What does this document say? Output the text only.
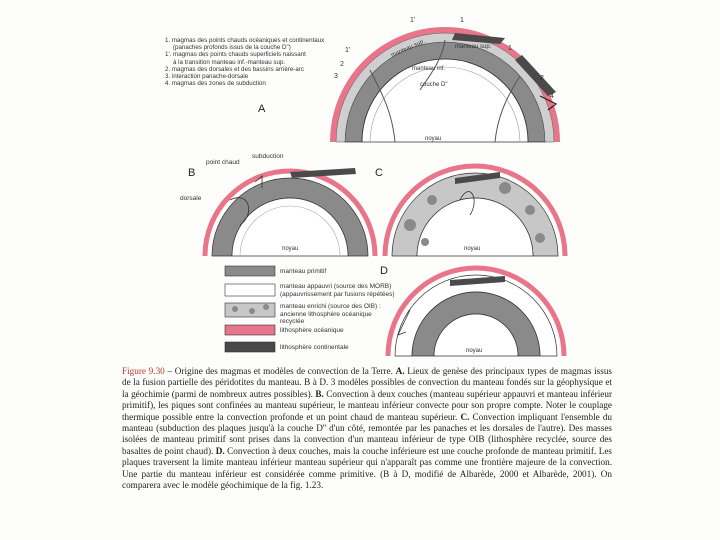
A
B	C
D
manteau sup.	manteau sup.
manteau inf.
couche D"
noyau
1'	1
1
1'
2
2
3
4
point chaud
subduction
dorsale
noyau	noyau
noyau
1. magmas des points chauds océaniques et continentaux
(panaches profonds issus de la couche D")
1'. magmas des points chauds superficiels naissant
à la transition manteau inf.-manteau sup.
2. magmas des dorsales et des bassins arrière-arc
3. interaction panache-dorsale
4. magmas des zones de subduction
manteau primitif
manteau appauvri (source des MORB) (appauvrissement par fusions répétées)
manteau enrichi (source des OIB) : ancienne lithosphère océanique recyclée
lithosphère océanique
lithosphère continentale
Figure 9.30 – Origine des magmas et modèles de convection de la Terre. A. Lieux de genèse des principaux types de magmas issus de la fusion partielle des péridotites du manteau. B à D. 3 modèles possibles de convection du manteau fondés sur la géophysique et la géochimie (parmi de nombreux autres possibles). B. Convection à deux couches (manteau supérieur appauvri et manteau inférieur primitif), les piques sont confinées au manteau supérieur, le manteau inférieur convecte pour son propre compte. Noter le couplage thermique possible entre la convection profonde et un point chaud de manteau supérieur. C. Convection impliquant l'ensemble du manteau (subduction des plaques jusqu'à la couche D'' d'un côté, remontée par les panaches et les dorsales de l'autre). Des masses isolées de manteau primitif sont prises dans la convection d'un manteau inférieur de type OIB (lithosphère recyclée, source des basaltes de point chaud). D. Convection à deux couches, mais la couche inférieure est une couche profonde de manteau primitif. Les plaques traversent la limite manteau inférieur manteau supérieur qui n'apparaît pas comme une frontière majeure de la convection. Une partie du manteau inférieur est considérée comme primitive. (B à D, modifié de Albarède, 2000 et Albarède, 2001). On comparera avec le modèle géochimique de la fig. 1.23.
